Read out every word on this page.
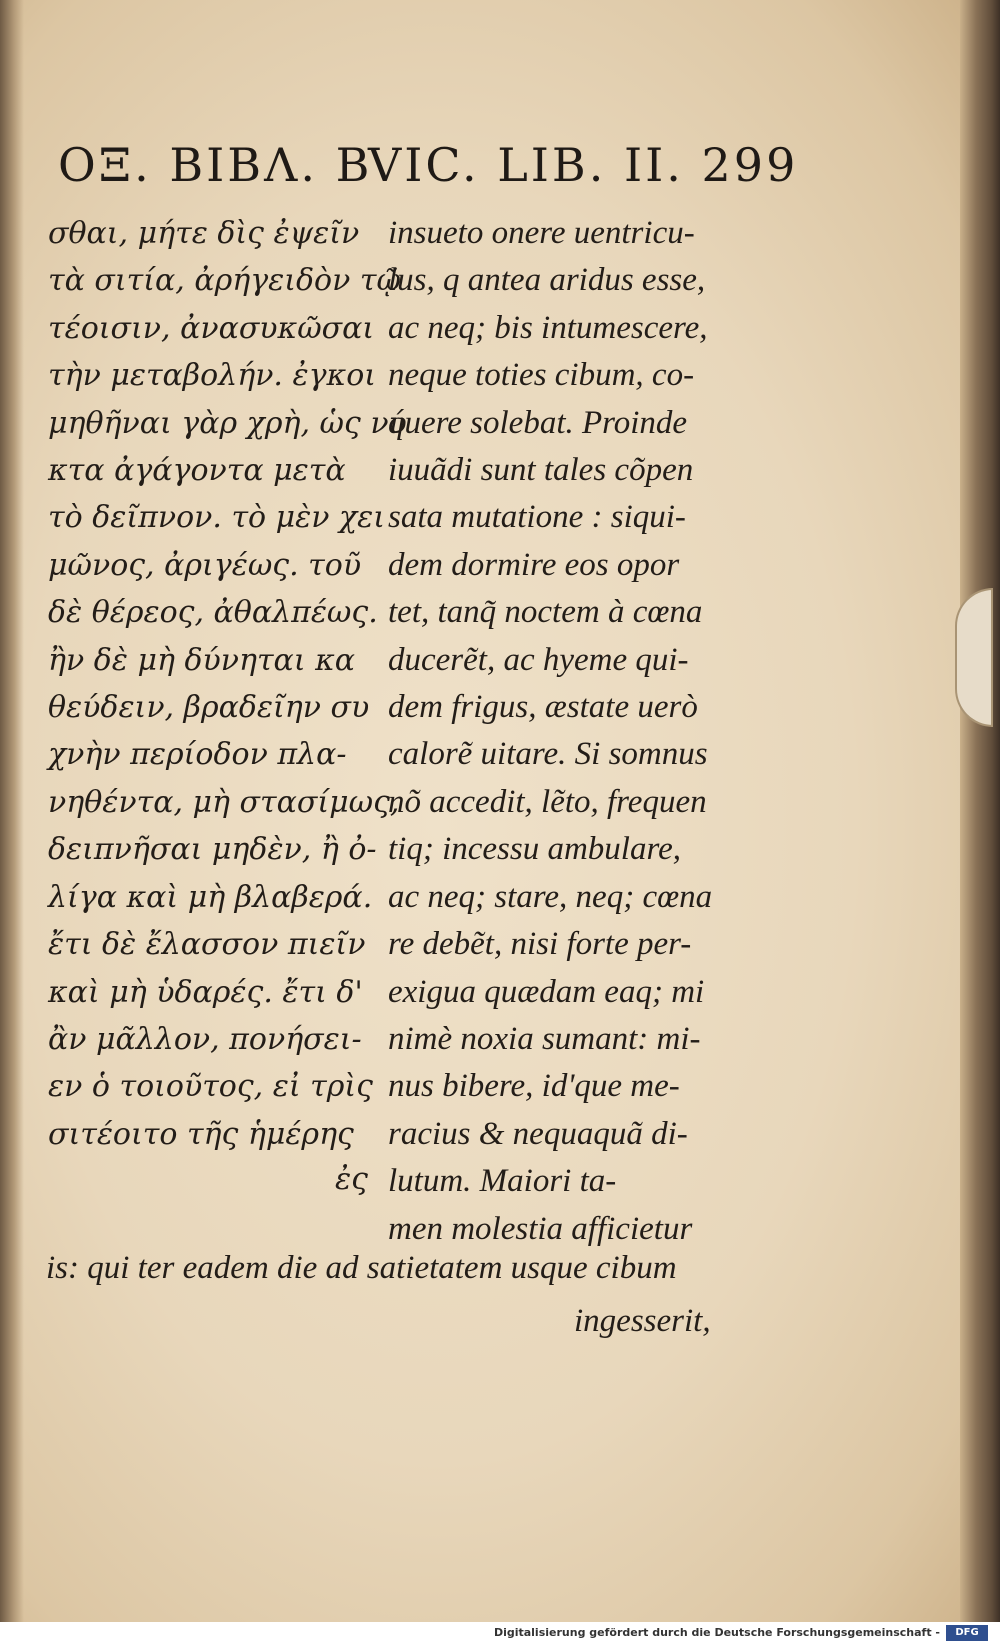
ΟΞ. ΒΙΒΛ. Β
VIC. LIB. II. 299
σθαι, μήτε δὶς ἐψεῖν
τὰ σιτία, ἀρήγειδὸν τῷ
τέοισιν, ἀνασυκῶσαι
τὴν μεταβολήν. ἐγκοι
μηθῆναι γὰρ χρὴ, ὡς νύ
κτα ἀγάγοντα μετὰ
τὸ δεῖπνον. τὸ μὲν χει
μῶνος, ἀριγέως. τοῦ
δὲ θέρεος, ἀθαλπέως.
ἢν δὲ μὴ δύνηται κα
θεύδειν, βραδεῖην συ
χνὴν περίοδον πλα-
νηθέντα, μὴ στασίμως,
δειπνῆσαι μηδὲν, ἢ ὀ-
λίγα καὶ μὴ βλαβερά.
ἔτι δὲ ἔλασσον πιεῖν
καὶ μὴ ὑδαρές. ἔτι δ'
ἂν μᾶλλον, πονήσει-
εν ὁ τοιοῦτος, εἰ τρὶς
σιτέοιτο τῆς ἡμέρης
ἐς
insueto onere uentricu-
lus, q antea aridus esse,
ac neq; bis intumescere,
neque toties cibum, co-
quere solebat. Proinde
iuuãdi sunt tales cõpen
sata mutatione : siqui-
dem dormire eos opor
tet, tanq̃ noctem à cœna
ducerẽt, ac hyeme qui-
dem frigus, æstate uerò
calorẽ uitare. Si somnus
nõ accedit, lẽto, frequen
tiq; incessu ambulare,
ac neq; stare, neq; cœna
re debẽt, nisi forte per-
exigua quædam eaq; mi
nimè noxia sumant: mi-
nus bibere, id'que me-
racius & nequaquã di-
lutum. Maiori ta-
men molestia afficietur
is: qui ter eadem die ad satietatem usque cibum
ingesserit,
Digitalisierung gefördert durch die Deutsche Forschungsgemeinschaft -	DFG
